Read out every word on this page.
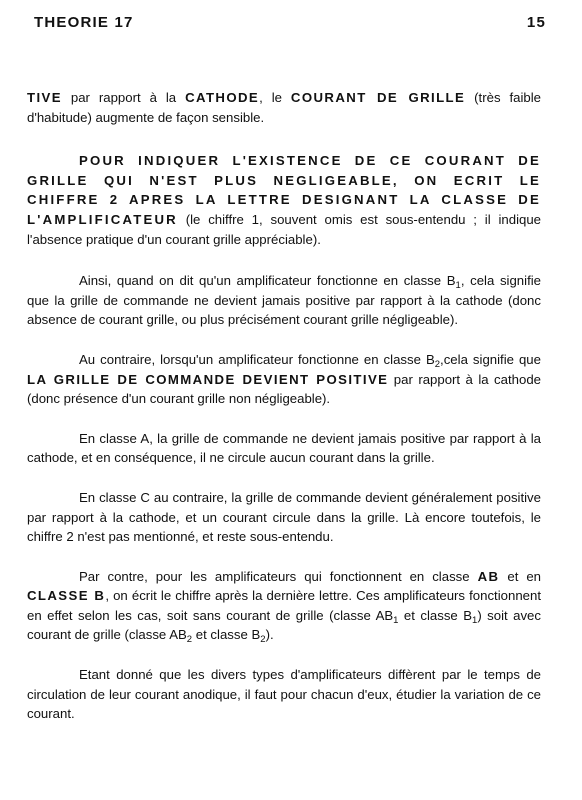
THEORIE 17	15

TIVE par rapport à la CATHODE, le COURANT DE GRILLE (très faible d'habitude) augmente de façon sensible.

POUR INDIQUER L'EXISTENCE DE CE COURANT DE GRILLE QUI N'EST PLUS NEGLIGEABLE, ON ECRIT LE CHIFFRE 2 APRES LA LETTRE DESIGNANT LA CLASSE DE L'AMPLIFICATEUR (le chiffre 1, souvent omis est sous-entendu ; il indique l'absence pratique d'un courant grille appréciable).

Ainsi, quand on dit qu'un amplificateur fonctionne en classe $B_1$, cela signifie que la grille de commande ne devient jamais positive par rapport à la cathode (donc absence de courant grille, ou plus précisément courant grille négligeable).

Au contraire, lorsqu'un amplificateur fonctionne en classe $B_2,cela$ signifie que LA GRILLE DE COMMANDE DEVIENT POSITIVE par rapport à la cathode (donc présence d'un courant grille non négligeable).

En classe A, la grille de commande ne devient jamais positive par rapport à la cathode, et en conséquence, il ne circule aucun courant dans la grille.

En classe C au contraire, la grille de commande devient généralement positive par rapport à la cathode, et un courant circule dans la grille. Là encore toutefois, le chiffre 2 n'est pas mentionné, et reste sous-entendu.

Par contre, pour les amplificateurs qui fonctionnent en classe AB et en CLASSE B, on écrit le chiffre après la dernière lettre. Ces amplificateurs fonctionnent en effet selon les cas, soit sans courant de grille (classe $AB_1$ et classe $B_1$) soit avec courant de grille (classe $AB_2$ et classe $B_2$).

Etant donné que les divers types d'amplificateurs diffèrent par le temps de circulation de leur courant anodique, il faut pour chacun d'eux, étudier la variation de ce courant.
